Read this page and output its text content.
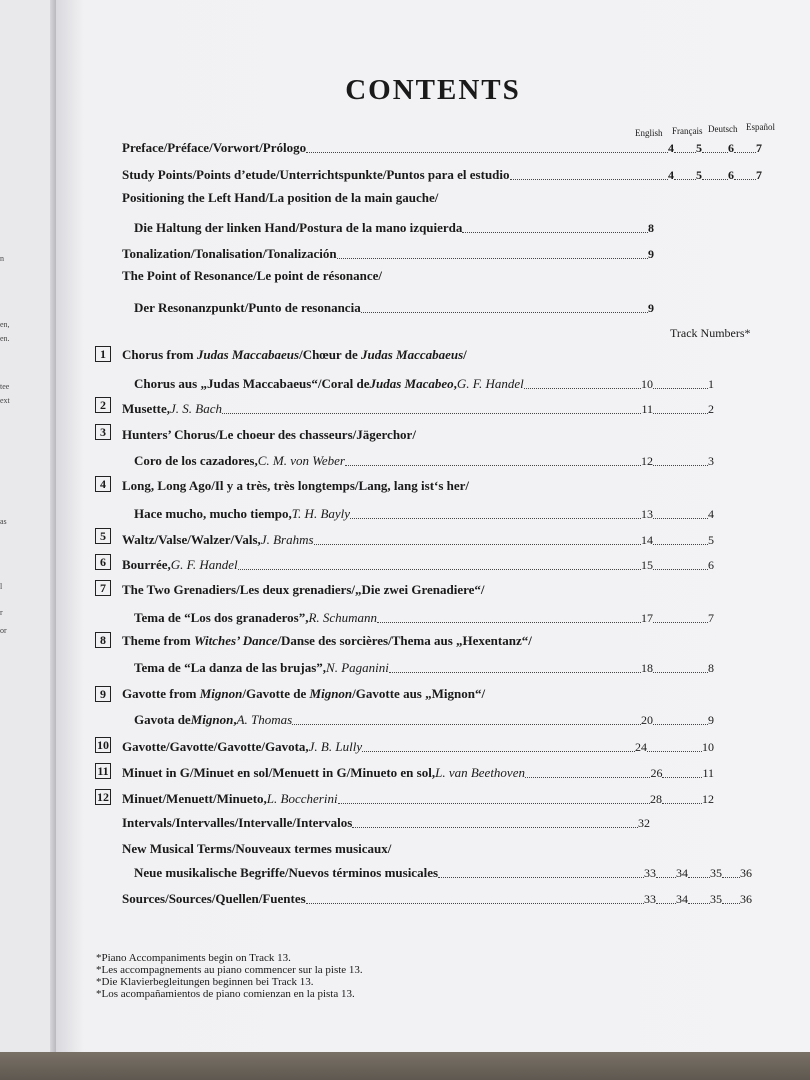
n
en,
en.
tee
ext
as
l
r
or
CONTENTS
English Français Deutsch Español
Preface/Préface/Vorwort/Prólogo	4 5 6 7
Study Points/Points d’etude/Unterrichtspunkte/Puntos para el estudio	4 5 6 7
Positioning the Left Hand/La position de la main gauche/
Die Haltung der linken Hand/Postura de la mano izquierda	8
Tonalization/Tonalisation/Tonalización	9
The Point of Resonance/Le point de résonance/
Der Resonanzpunkt/Punto de resonancia	9
Track Numbers*
1	Chorus from Judas Maccabaeus/Chœur de Judas Maccabaeus/
Chorus aus „Judas Maccabaeus“/Coral de Judas Macabeo , G. F. Handel	10	1
2	Musette, J. S. Bach	11	2
3	Hunters’ Chorus/Le choeur des chasseurs/Jägerchor/
Coro de los cazadores, C. M. von Weber	12	3
4	Long, Long Ago/Il y a très, très longtemps/Lang, lang ist‘s her/
Hace mucho, mucho tiempo, T. H. Bayly	13	4
5	Waltz/Valse/Walzer/Vals, J. Brahms	14	5
6	Bourrée, G. F. Handel	15	6
7	The Two Grenadiers/Les deux grenadiers/„Die zwei Grenadiere“/
Tema de “Los dos granaderos”, R. Schumann	17	7
8	Theme from Witches’ Dance/Danse des sorcières/Thema aus „Hexentanz“/
Tema de “La danza de las brujas”, N. Paganini	18	8
9	Gavotte from Mignon/Gavotte de Mignon/Gavotte aus „Mignon“/
Gavota de Mignon , A. Thomas	20	9
10 Gavotte/Gavotte/Gavotte/Gavota, J. B. Lully	24	10
11 Minuet in G/Minuet en sol/Menuett in G/Minueto en sol, L. van Beethoven	26	11
12 Minuet/Menuett/Minueto, L. Boccherini	28	12
Intervals/Intervalles/Intervalle/Intervalos	32
New Musical Terms/Nouveaux termes musicaux/
Neue musikalische Begriffe/Nuevos términos musicales	33 34 35 36
Sources/Sources/Quellen/Fuentes	33 34 35 36
*Piano Accompaniments begin on Track 13.
*Les accompagnements au piano commencer sur la piste 13.
*Die Klavierbegleitungen beginnen bei Track 13.
*Los acompañamientos de piano comienzan en la pista 13.
